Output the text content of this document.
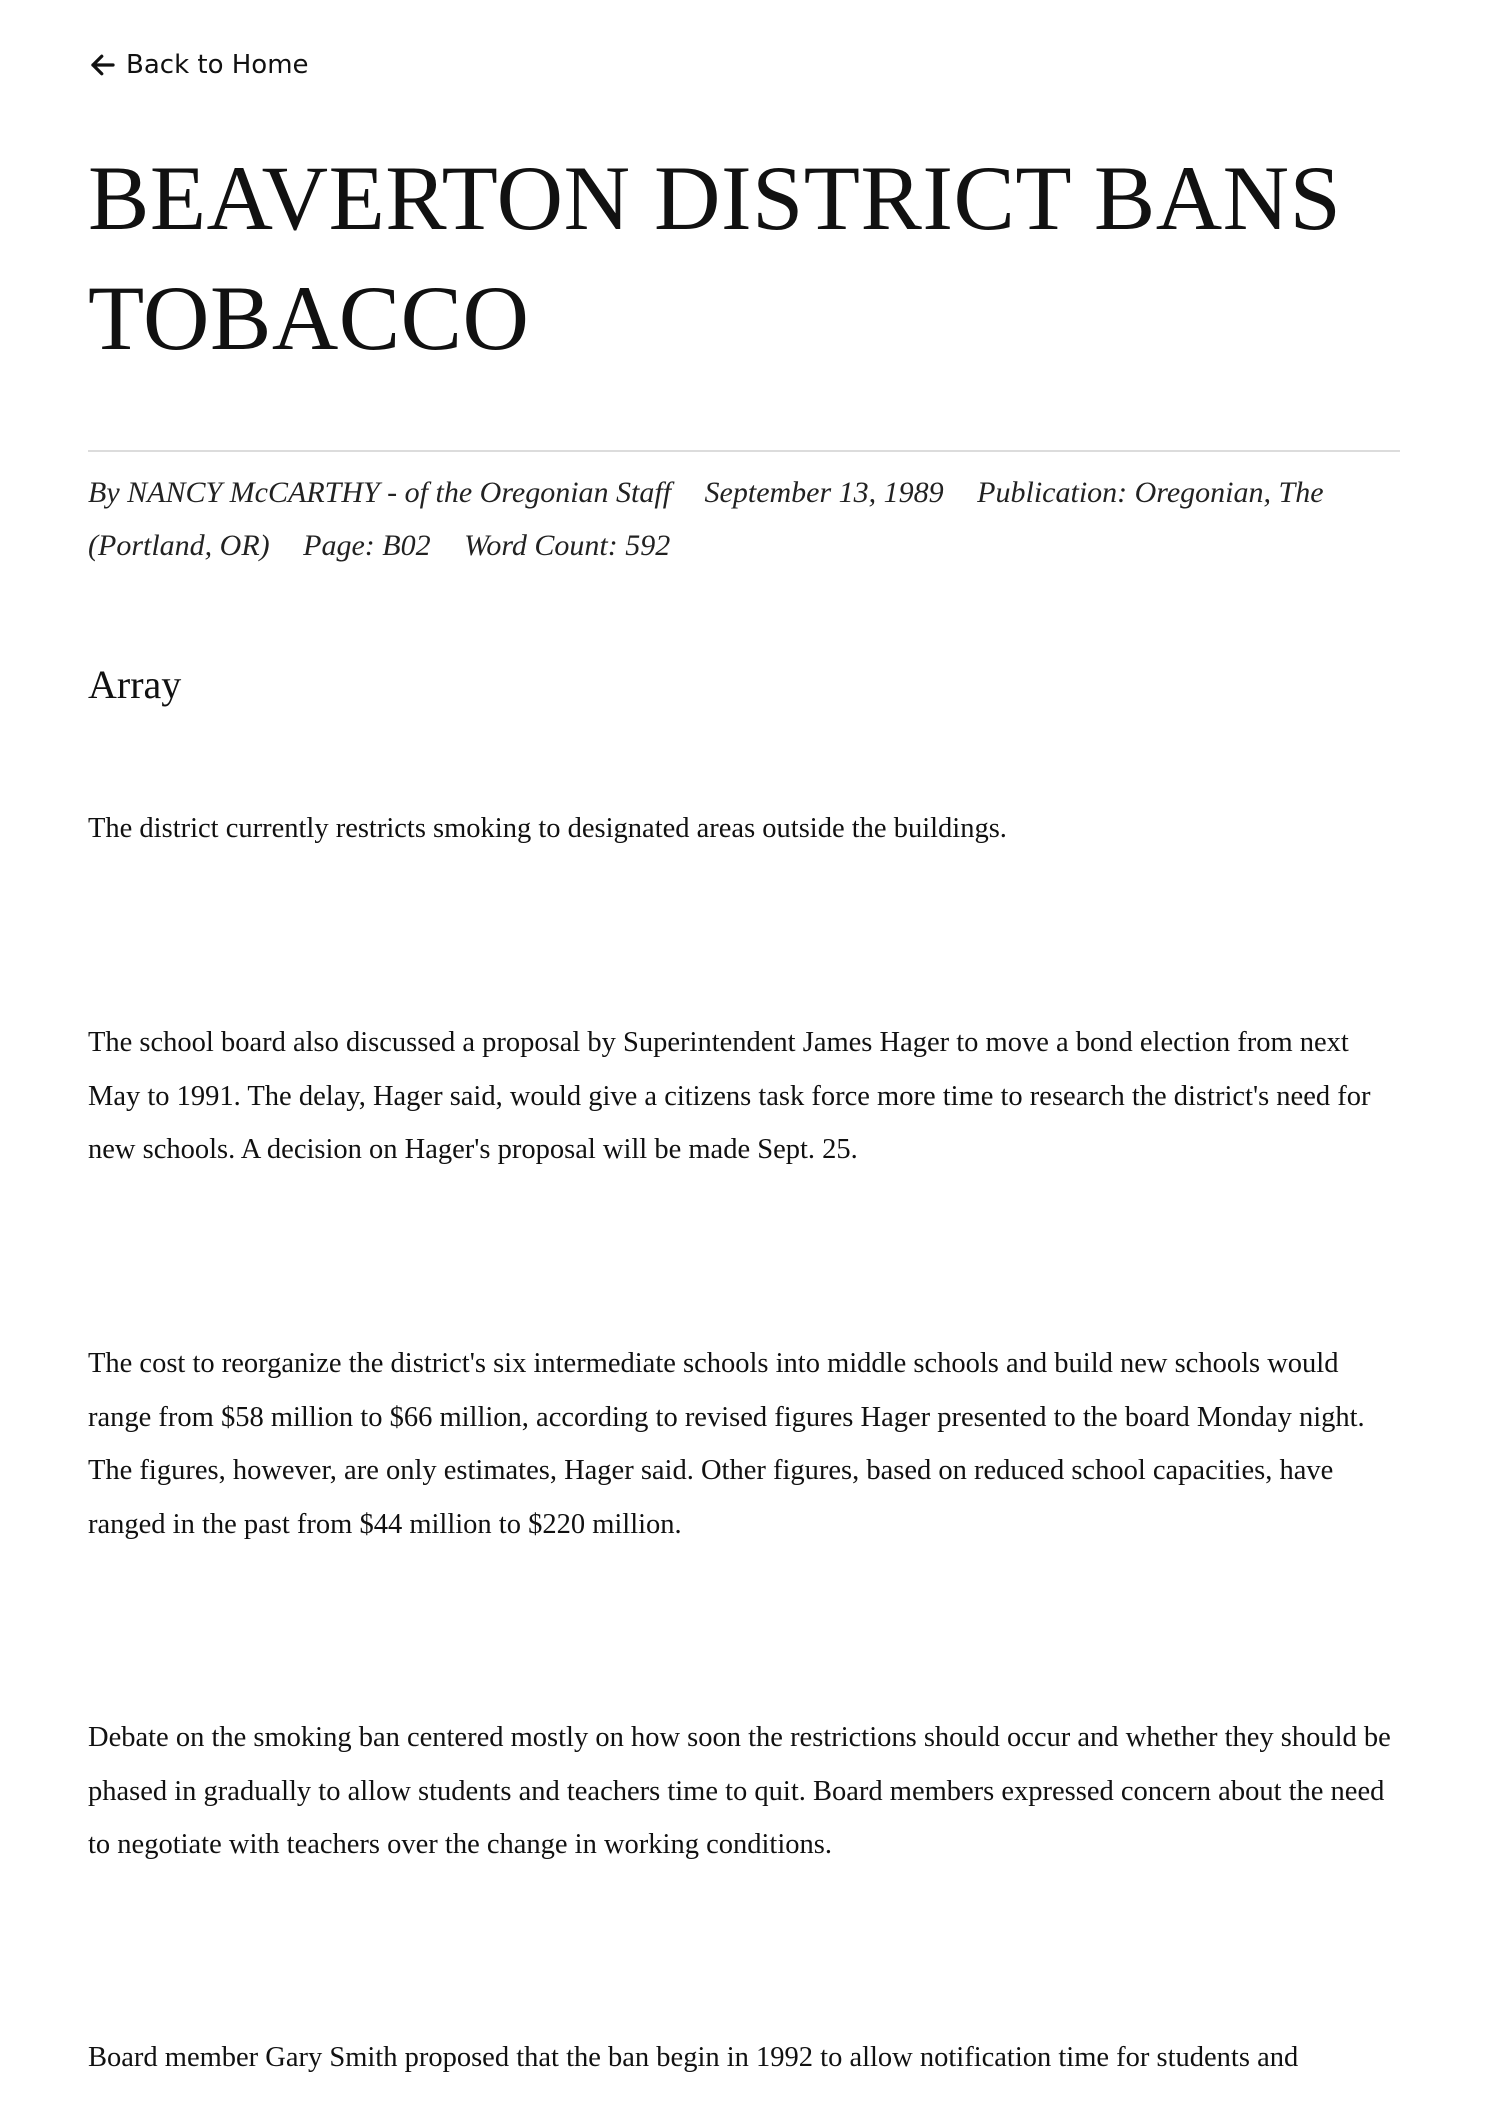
Back to Home
BEAVERTON DISTRICT BANS TOBACCO
By NANCY McCARTHY - of the Oregonian Staff September 13, 1989 Publication: Oregonian, The (Portland, OR) Page: B02 Word Count: 592
Array

The district currently restricts smoking to designated areas outside the buildings.

The school board also discussed a proposal by Superintendent James Hager to move a bond election from next May to 1991. The delay, Hager said, would give a citizens task force more time to research the district's need for new schools. A decision on Hager's proposal will be made Sept. 25.

The cost to reorganize the district's six intermediate schools into middle schools and build new schools would range from $58 million to $66 million, according to revised figures Hager presented to the board Monday night. The figures, however, are only estimates, Hager said. Other figures, based on reduced school capacities, have ranged in the past from $44 million to $220 million.

Debate on the smoking ban centered mostly on how soon the restrictions should occur and whether they should be phased in gradually to allow students and teachers time to quit. Board members expressed concern about the need to negotiate with teachers over the change in working conditions.

Board member Gary Smith proposed that the ban begin in 1992 to allow notification time for students and
